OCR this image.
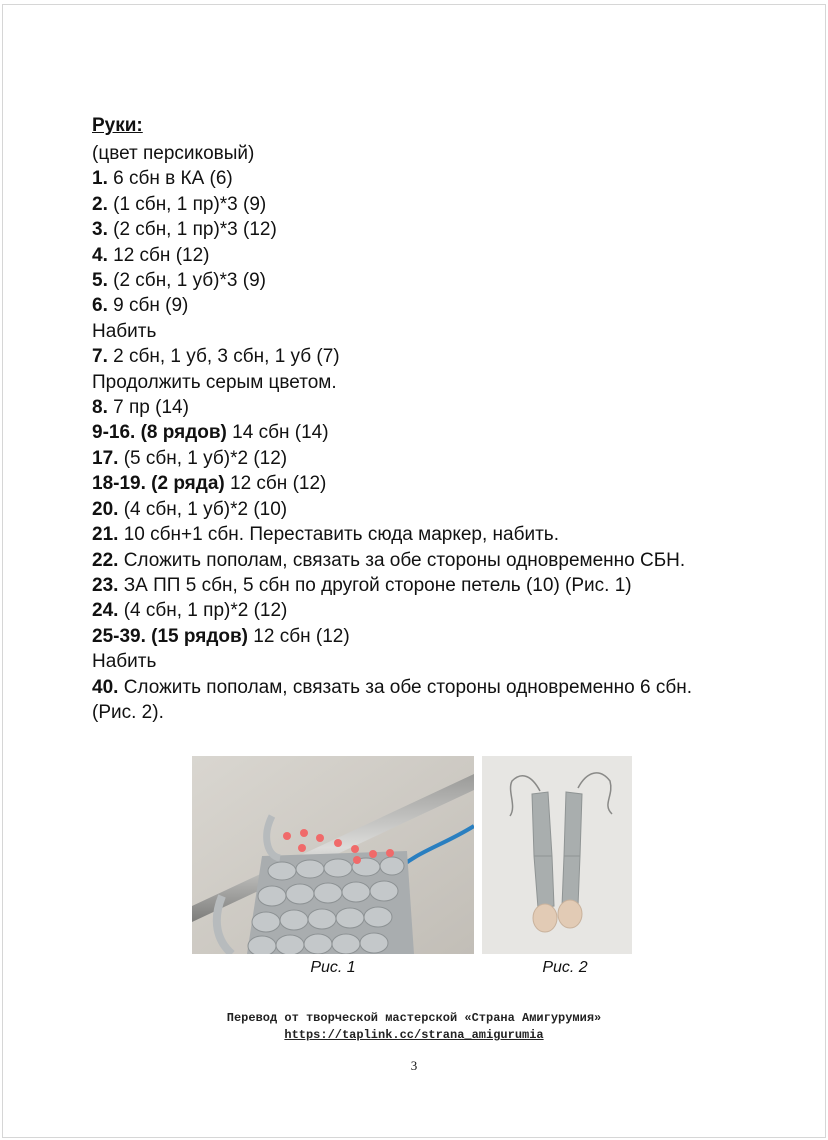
Руки:
(цвет персиковый)
1. 6 сбн в КА (6)
2. (1 сбн, 1 пр)*3 (9)
3. (2 сбн, 1 пр)*3 (12)
4. 12 сбн (12)
5. (2 сбн, 1 уб)*3 (9)
6. 9 сбн (9)
Набить
7. 2 сбн, 1 уб, 3 сбн, 1 уб (7)
Продолжить серым цветом.
8. 7 пр (14)
9-16. (8 рядов) 14 сбн (14)
17. (5 сбн, 1 уб)*2 (12)
18-19. (2 ряда) 12 сбн (12)
20. (4 сбн, 1 уб)*2 (10)
21. 10 сбн+1 сбн. Переставить сюда маркер, набить.
22. Сложить пополам, связать за обе стороны одновременно СБН.
23. ЗА ПП 5 сбн, 5 сбн по другой стороне петель (10) (Рис. 1)
24. (4 сбн, 1 пр)*2 (12)
25-39. (15 рядов) 12 сбн (12)
Набить
40. Сложить пополам, связать за обе стороны одновременно 6 сбн. (Рис. 2).
Рис. 1	Рис. 2
Перевод от творческой мастерской «Страна Амигурумия»
https://taplink.cc/strana_amigurumia
3
